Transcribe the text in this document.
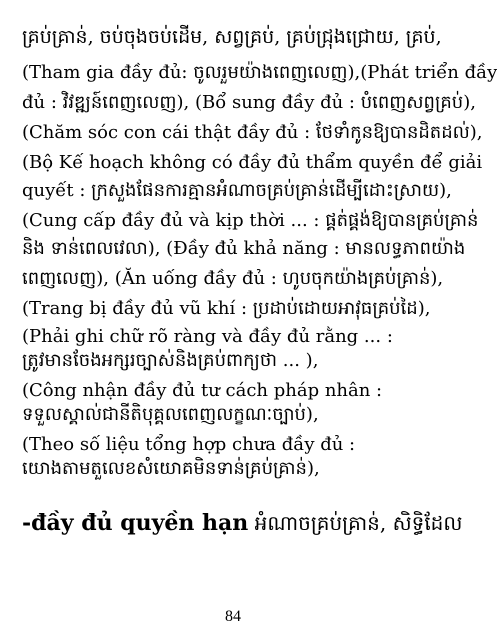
គ្រប់គ្រាន់, ចប់ចុងចប់ដើម, សព្វគ្រប់, គ្រប់ជ្រុងជ្រោយ, គ្រប់,

(Tham gia đầy đủ: ចូលរួមយ៉ាងពេញលេញ),(Phát triển đầy

đủ : វិវឌ្ឍន៍ពេញលេញ), (Bổ sung đầy đủ : បំពេញសព្វគ្រប់),

(Chăm sóc con cái thật đầy đủ : ថែទាំកូនឱ្យបានដិតដល់),

(Bộ Kế hoạch không có đầy đủ thẩm quyền để giải

quyết : ក្រសួងផែនការគ្មានអំណាចគ្រប់គ្រាន់ដើម្បីដោះស្រាយ),

(Cung cấp đầy đủ và kịp thời ... : ផ្គត់ផ្គង់ឱ្យបានគ្រប់គ្រាន់

និង ទាន់ពេលវេលា), (Đầy đủ khả năng : មានលទ្ធភាពយ៉ាង

ពេញលេញ), (Ăn uống đầy đủ : ហូបចុកយ៉ាងគ្រប់គ្រាន់),

(Trang bị đầy đủ vũ khí : ប្រដាប់ដោយអាវុធគ្រប់ដៃ),

(Phải ghi chữ rõ ràng và đầy đủ rằng ... :

ត្រូវមានចែងអក្សរច្បាស់និងគ្រប់ពាក្យថា ... ),

(Công nhận đầy đủ tư cách pháp nhân :

ទទួលស្គាល់ជានីតិបុគ្គលពេញលក្ខណៈច្បាប់),

(Theo số liệu tổng hợp chưa đầy đủ :

យោងតាមតួលេខសំយោគមិនទាន់គ្រប់គ្រាន់),

-đầy đủ quyền hạn អំណាចគ្រប់គ្រាន់, សិទ្ធិដែល

84
